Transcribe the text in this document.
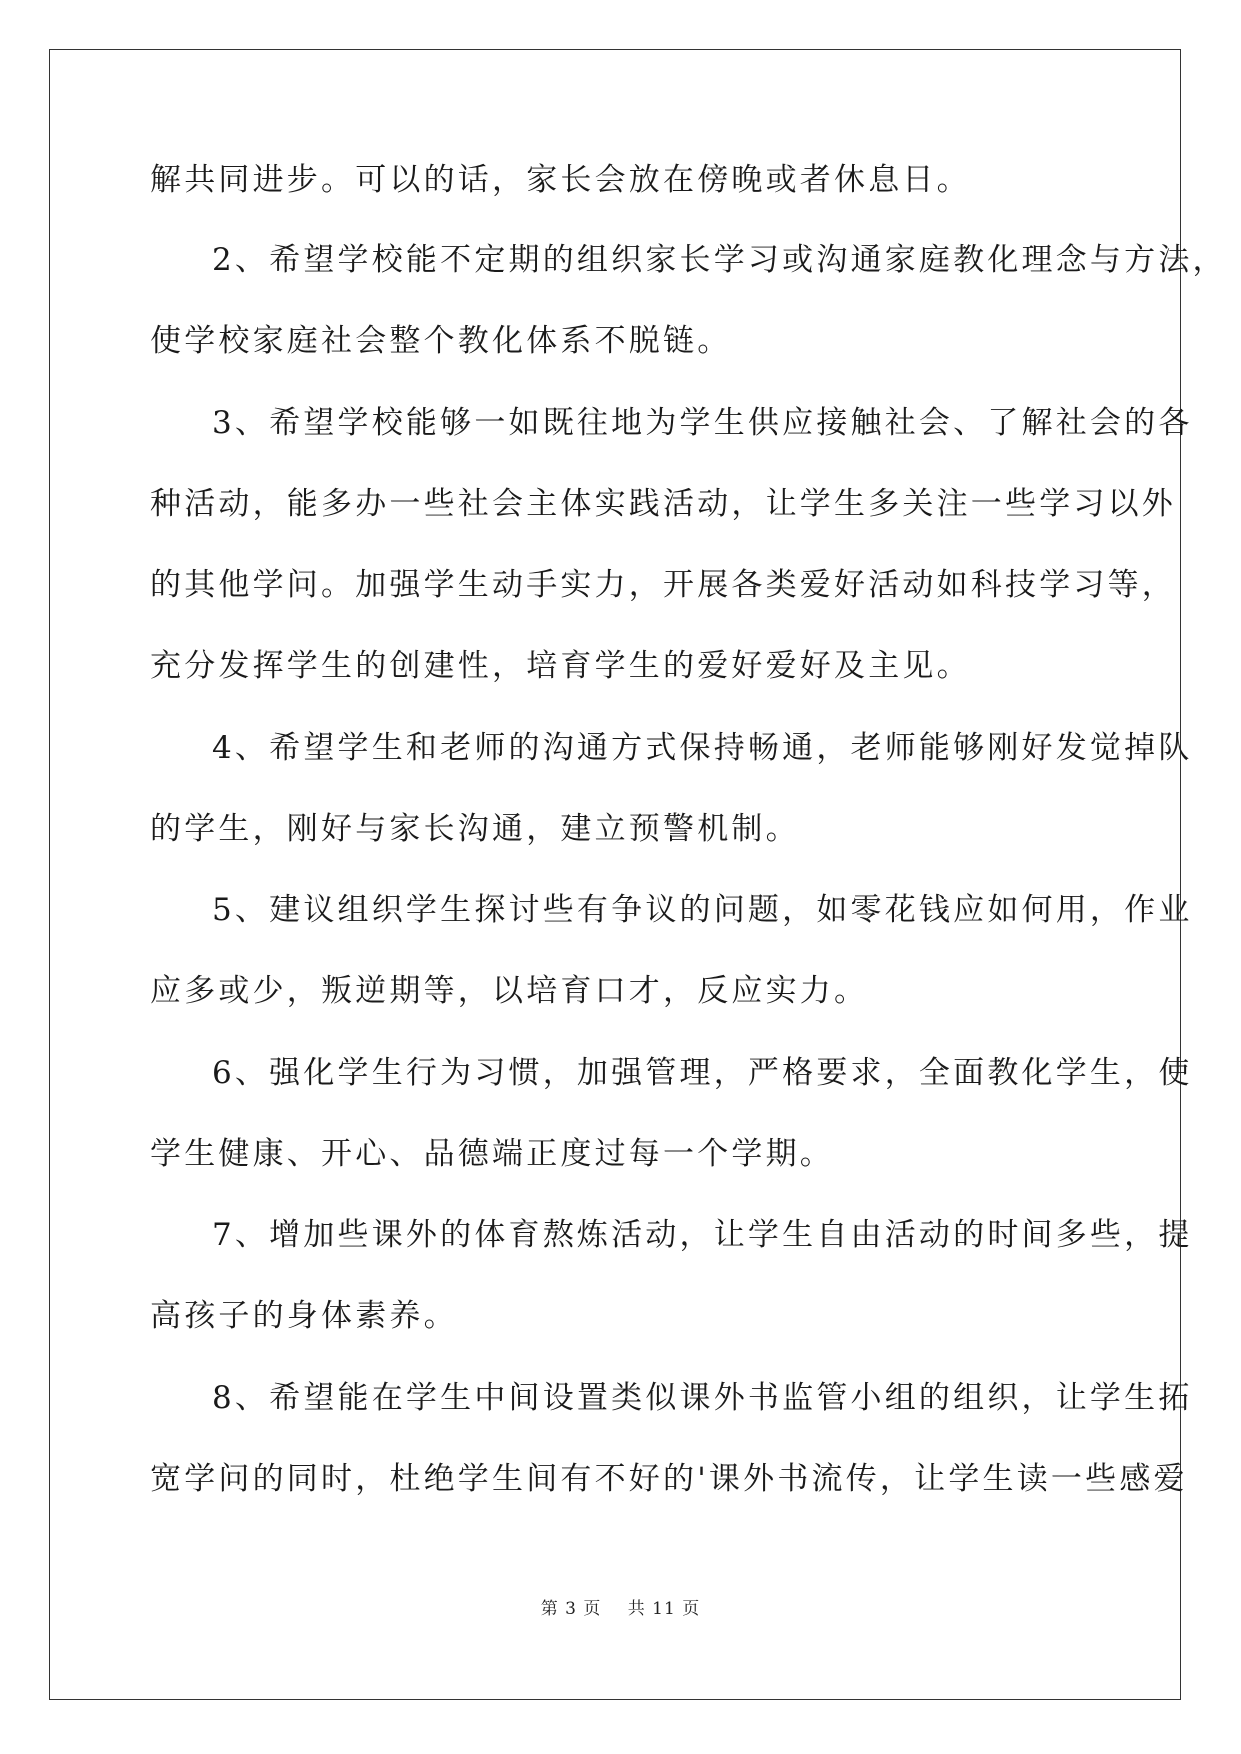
解共同进步。可以的话，家长会放在傍晚或者休息日。
2、希望学校能不定期的组织家长学习或沟通家庭教化理念与方法，
使学校家庭社会整个教化体系不脱链。
3、希望学校能够一如既往地为学生供应接触社会、了解社会的各
种活动，能多办一些社会主体实践活动，让学生多关注一些学习以外
的其他学问。加强学生动手实力，开展各类爱好活动如科技学习等，
充分发挥学生的创建性，培育学生的爱好爱好及主见。
4、希望学生和老师的沟通方式保持畅通，老师能够刚好发觉掉队
的学生，刚好与家长沟通，建立预警机制。
5、建议组织学生探讨些有争议的问题，如零花钱应如何用，作业
应多或少，叛逆期等，以培育口才，反应实力。
6、强化学生行为习惯，加强管理，严格要求，全面教化学生，使
学生健康、开心、品德端正度过每一个学期。
7、增加些课外的体育熬炼活动，让学生自由活动的时间多些，提
高孩子的身体素养。
8、希望能在学生中间设置类似课外书监管小组的组织，让学生拓
宽学问的同时，杜绝学生间有不好的'课外书流传，让学生读一些感爱
第 3 页 共 11 页
